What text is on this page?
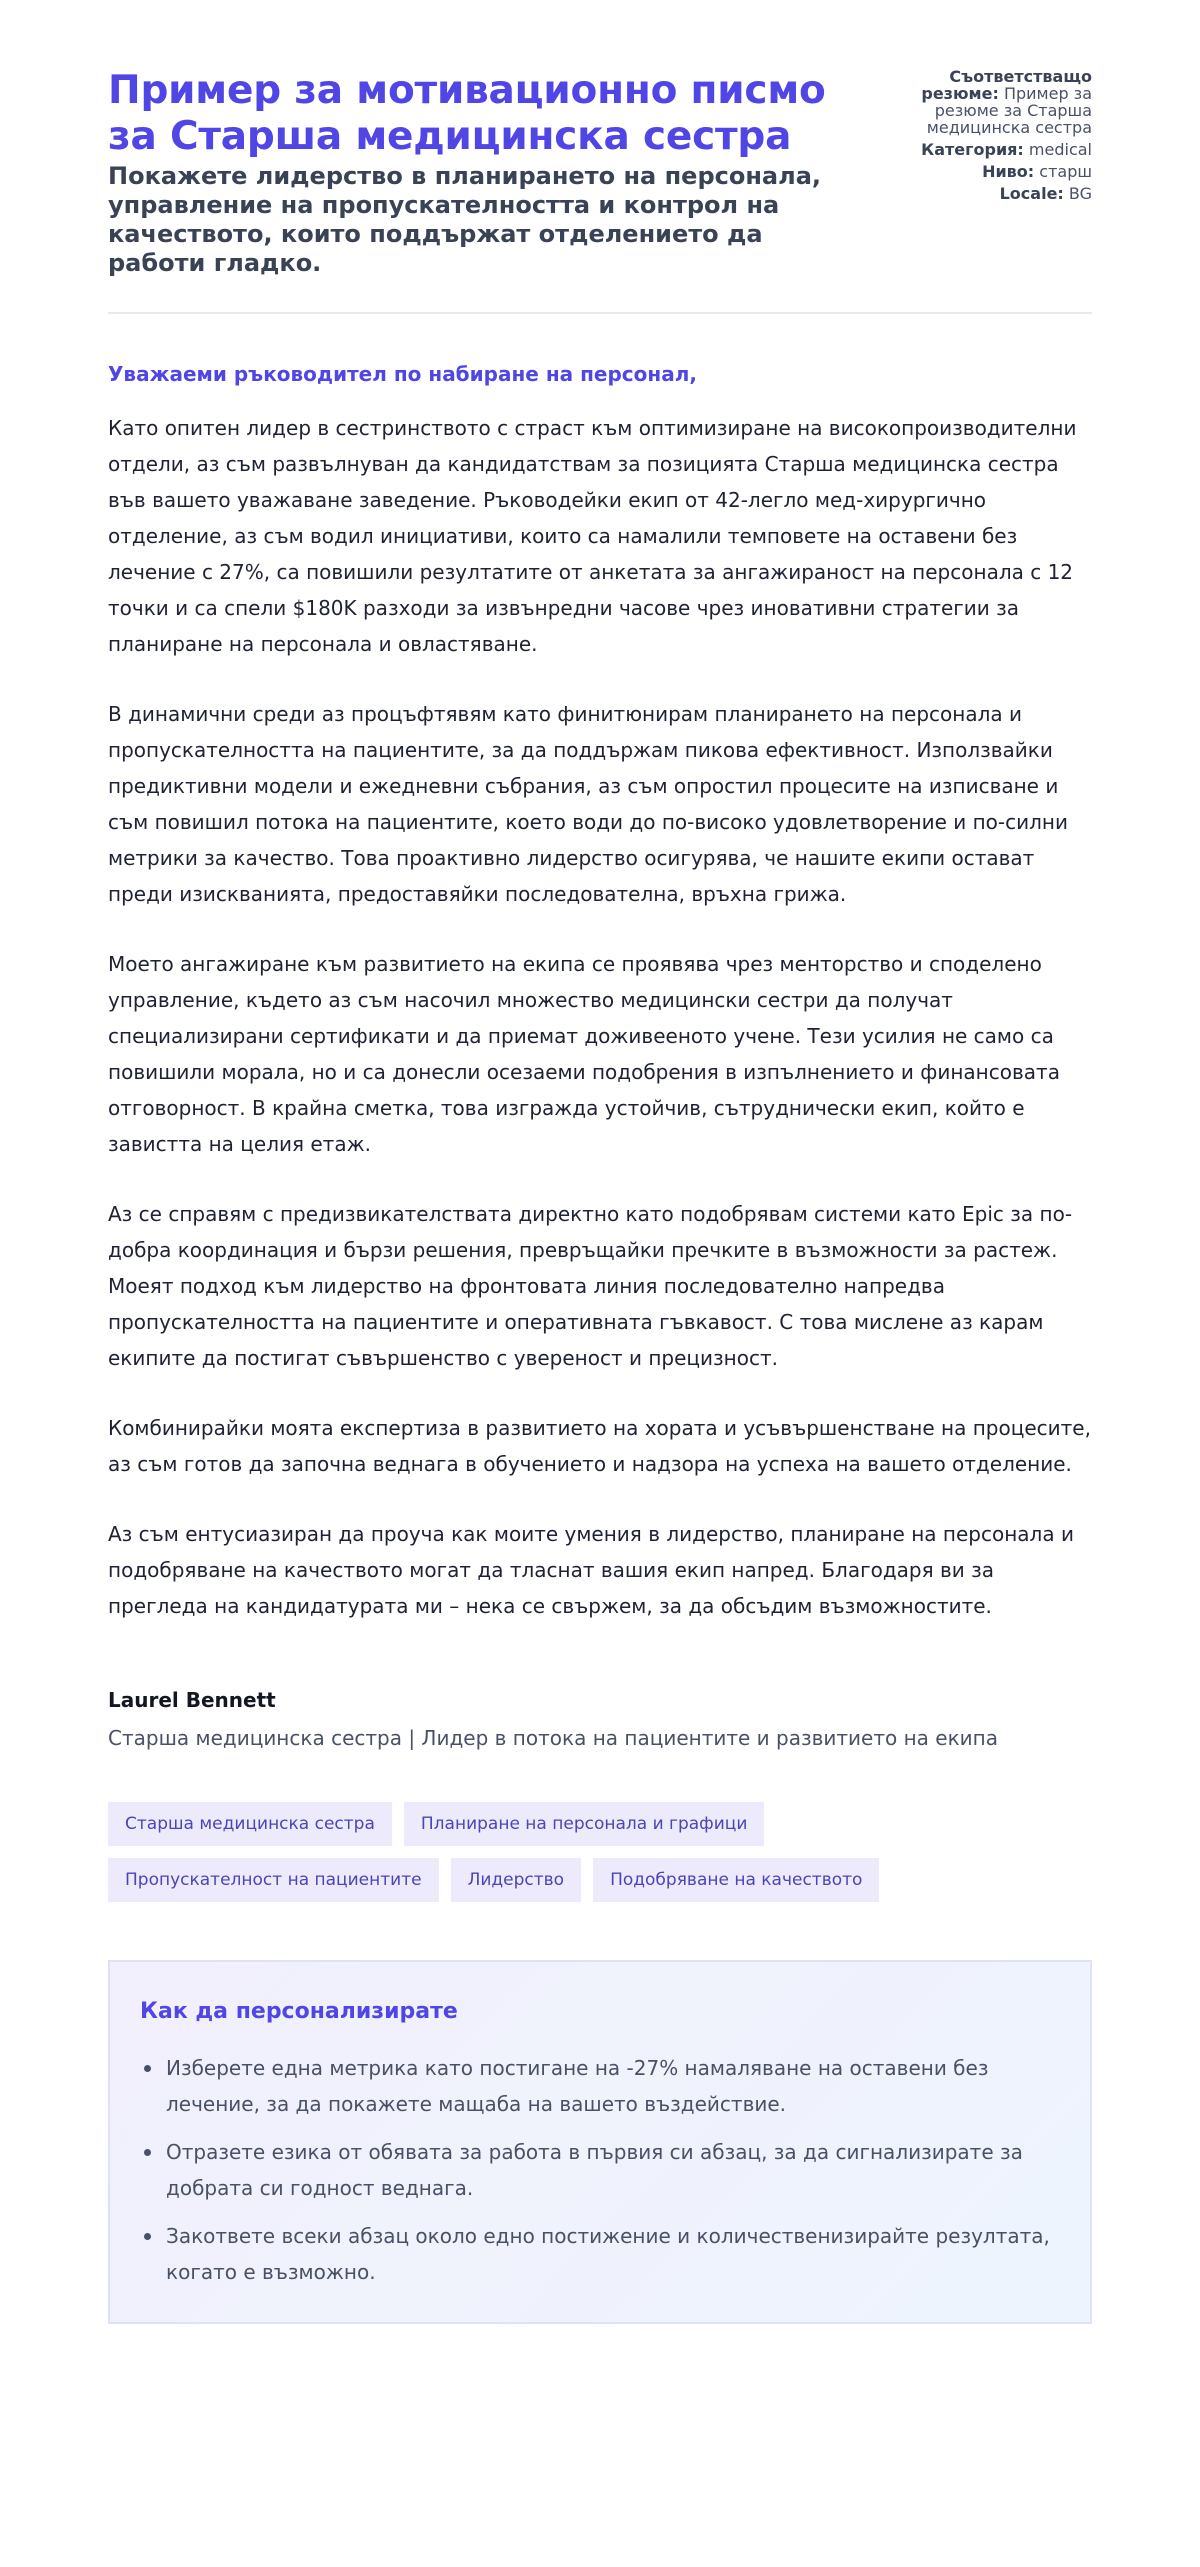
Пример за мотивационно писмо за Старша медицинска сестра
Покажете лидерство в планирането на персонала, управление на пропускателността и контрол на качеството, които поддържат отделението да работи гладко.
Съответстващо резюме: Пример за резюме за Старша медицинска сестра
Категория: medical
Ниво: старш
Locale: BG

Уважаеми ръководител по набиране на персонал,

Като опитен лидер в сестринството с страст към оптимизиране на високопроизводителни отдели, аз съм развълнуван да кандидатствам за позицията Старша медицинска сестра във вашето уважаване заведение. Ръководейки екип от 42-легло мед-хирургично отделение, аз съм водил инициативи, които са намалили темповете на оставени без лечение с 27%, са повишили резултатите от анкетата за ангажираност на персонала с 12 точки и са спели $180K разходи за извънредни часове чрез иновативни стратегии за планиране на персонала и овластяване.

В динамични среди аз процъфтявям като финитюнирам планирането на персонала и пропускателността на пациентите, за да поддържам пикова ефективност. Използвайки предиктивни модели и ежедневни събрания, аз съм опростил процесите на изписване и съм повишил потока на пациентите, което води до по-високо удовлетворение и по-силни метрики за качество. Това проактивно лидерство осигурява, че нашите екипи остават преди изискванията, предоставяйки последователна, връхна грижа.

Моето ангажиране към развитието на екипа се проявява чрез менторство и споделено управление, където аз съм насочил множество медицински сестри да получат специализирани сертификати и да приемат доживееното учене. Тези усилия не само са повишили морала, но и са донесли осезаеми подобрения в изпълнението и финансовата отговорност. В крайна сметка, това изгражда устойчив, сътруднически екип, който е завистта на целия етаж.

Аз се справям с предизвикателствата директно като подобрявам системи като Epic за по-добра координация и бързи решения, превръщайки пречките в възможности за растеж. Моеят подход към лидерство на фронтовата линия последователно напредва пропускателността на пациентите и оперативната гъвкавост. С това мислене аз карам екипите да постигат съвършенство с увереност и прецизност.

Комбинирайки моята експертиза в развитието на хората и усъвършенстване на процесите, аз съм готов да започна веднага в обучението и надзора на успеха на вашето отделение.

Аз съм ентусиазиран да проуча как моите умения в лидерство, планиране на персонала и подобряване на качеството могат да тласнат вашия екип напред. Благодаря ви за прегледа на кандидатурата ми – нека се свържем, за да обсъдим възможностите.

Laurel Bennett
Старша медицинска сестра | Лидер в потока на пациентите и развитието на екипа
Старша медицинска сестра	Планиране на персонала и графици
Пропускателност на пациентите	Лидерство	Подобряване на качеството
Как да персонализирате
Изберете една метрика като постигане на -27% намаляване на оставени без лечение, за да покажете мащаба на вашето въздействие.
Отразете езика от обявата за работа в първия си абзац, за да сигнализирате за добрата си годност веднага.
Закответе всеки абзац около едно постижение и количественизирайте резултата, когато е възможно.
